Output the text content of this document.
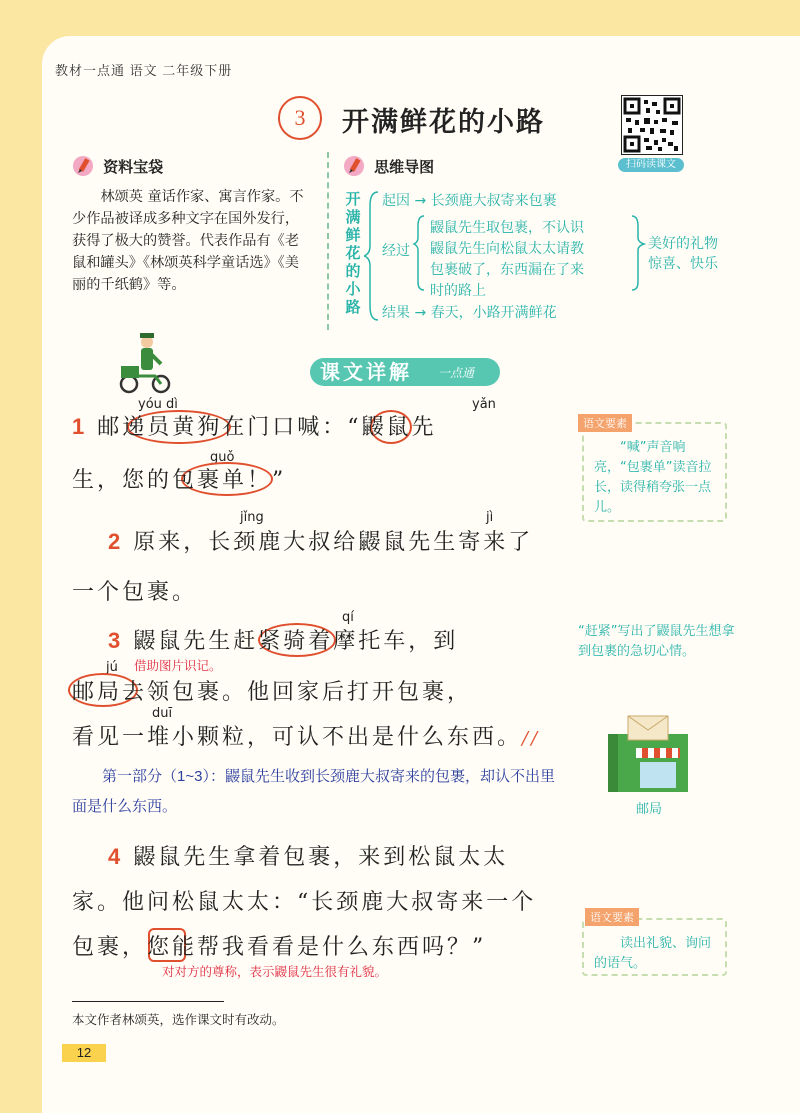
教材一点通 语文 二年级下册
3	开满鲜花的小路
扫码读课文
资料宝袋
林颂英 童话作家、寓言作家。不少作品被译成多种文字在国外发行，获得了极大的赞誉。代表作品有《老鼠和罐头》《林颂英科学童话选》《美丽的千纸鹤》等。
思维导图
开满鲜花的小路
起因 → 长颈鹿大叔寄来包裹
经过
鼹鼠先生取包裹，不认识
鼹鼠先生向松鼠太太请教
包裹破了，东西漏在了来
时的路上
美好的礼物
惊喜、快乐
结果 → 春天，小路开满鲜花
课文详解 一点通
yóu dì	yǎn
1 邮递员黄狗在门口喊：“鼹鼠先
guǒ
生，您的包裹单！”
jǐng	jì
2 原来，长颈鹿大叔给鼹鼠先生寄来了
一个包裹。
qí
3 鼹鼠先生赶紧骑着摩托车，到
jú 借助图片识记。
邮局去领包裹。他回家后打开包裹，
duī
看见一堆小颗粒，可认不出是什么东西。//
第一部分（1~3）：鼹鼠先生收到长颈鹿大叔寄来的包裹，却认不出里面是什么东西。
4 鼹鼠先生拿着包裹，来到松鼠太太
家。他问松鼠太太：“长颈鹿大叔寄来一个
包裹，您能帮我看看是什么东西吗？”
对对方的尊称，表示鼹鼠先生很有礼貌。
“喊”声音响亮，“包裹单”读音拉长，读得稍夸张一点儿。
语文要素
“赶紧”写出了鼹鼠先生想拿到包裹的急切心情。
邮局
读出礼貌、询问的语气。
语文要素
本文作者林颂英，选作课文时有改动。
12
